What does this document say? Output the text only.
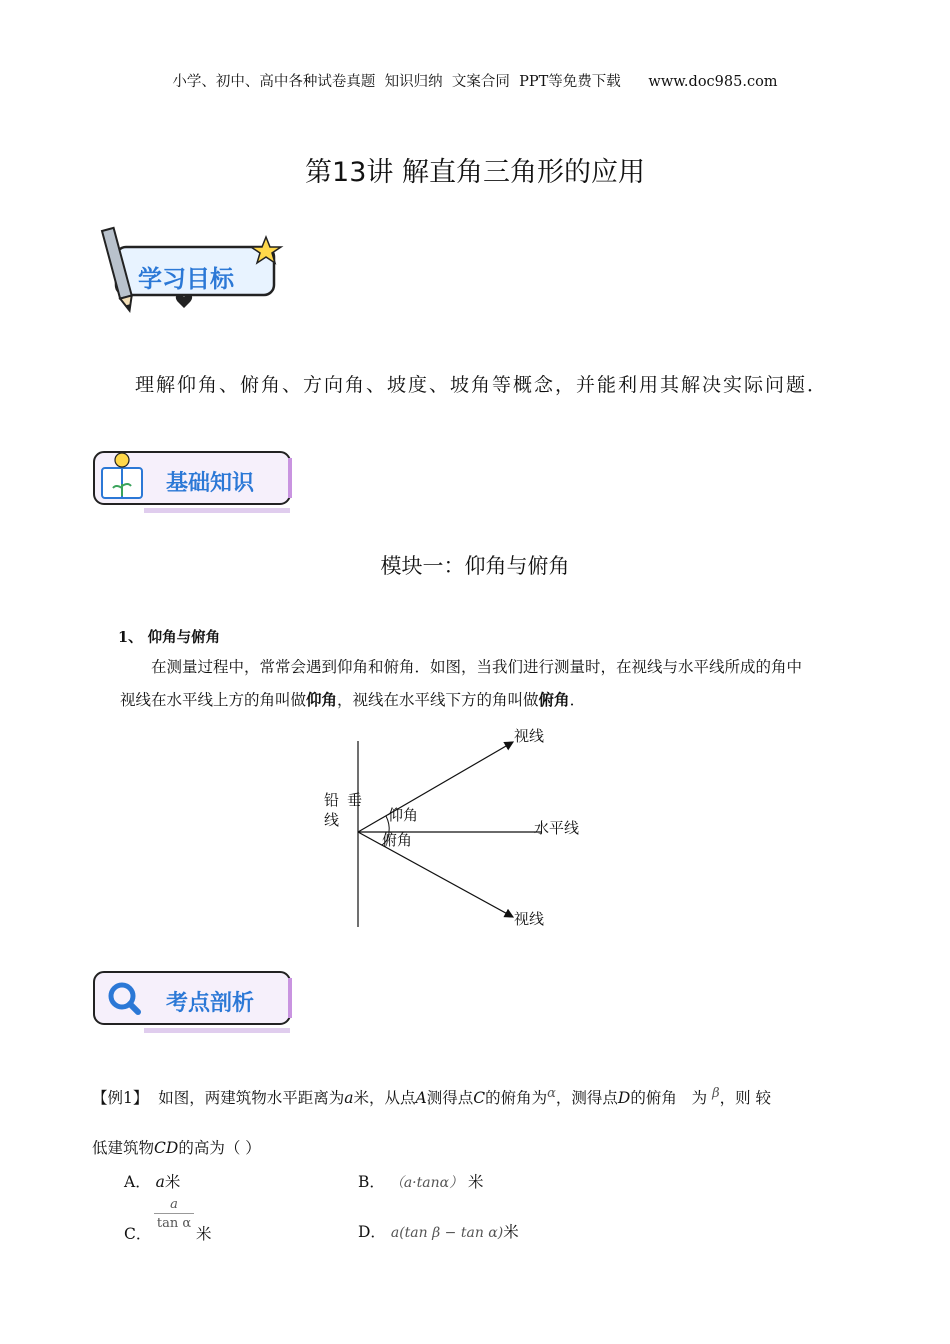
小学、初中、高中各种试卷真题  知识归纳  文案合同  PPT等免费下载      www.doc985.com
第13讲 解直角三角形的应用
学习目标
理解仰角、俯角、方向角、坡度、坡角等概念，并能利用其解决实际问题．
基础知识
模块一：仰角与俯角
1、 仰角与俯角
在测量过程中，常常会遇到仰角和俯角．如图，当我们进行测量时，在视线与水平线所成的角中
视线在水平线上方的角叫做仰角，视线在水平线下方的角叫做俯角．
视线
视线
铅 垂
线	仰角
俯角
水平线
考点剖析
【例1】 如图，两建筑物水平距离为a米，从点A测得点C的俯角为$^\alpha$，测得点D的俯角 为 $^\beta$，则 较
低建筑物CD的高为（ ）
A． a米	B． （a·tanα） 米
C．
$\frac{a}{\text{tan α}}$
米	D． a(tan β − tan α)米
